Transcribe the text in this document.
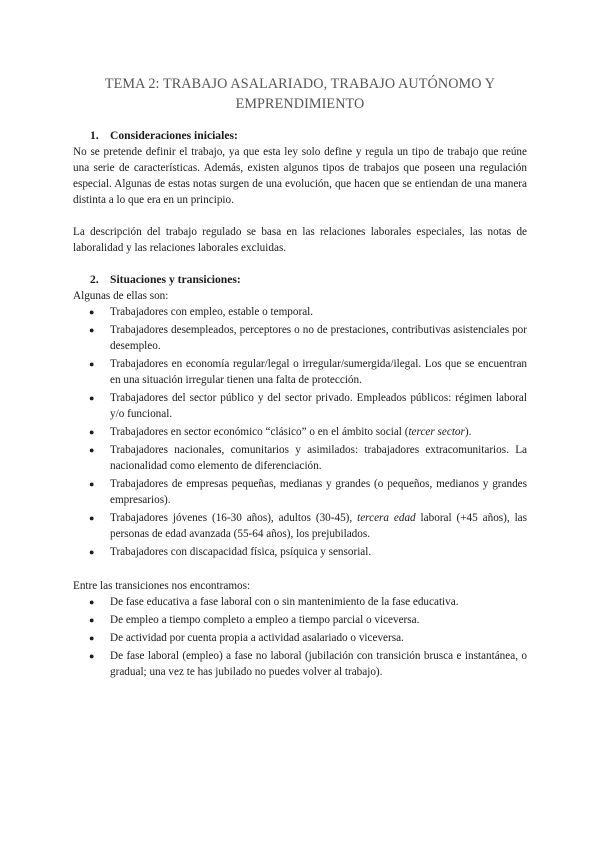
TEMA 2: TRABAJO ASALARIADO, TRABAJO AUTÓNOMO Y EMPRENDIMIENTO
1. Consideraciones iniciales:

No se pretende definir el trabajo, ya que esta ley solo define y regula un tipo de trabajo que reúne una serie de características. Además, existen algunos tipos de trabajos que poseen una regulación especial. Algunas de estas notas surgen de una evolución, que hacen que se entiendan de una manera distinta a lo que era en un principio.

La descripción del trabajo regulado se basa en las relaciones laborales especiales, las notas de laboralidad y las relaciones laborales excluidas.

2. Situaciones y transiciones:

Algunas de ellas son:

● Trabajadores con empleo, estable o temporal.
● Trabajadores desempleados, perceptores o no de prestaciones, contributivas asistenciales por desempleo.
● Trabajadores en economía regular/legal o irregular/sumergida/ilegal. Los que se encuentran en una situación irregular tienen una falta de protección.
● Trabajadores del sector público y del sector privado. Empleados públicos: régimen laboral y/o funcional.
● Trabajadores en sector económico “clásico” o en el ámbito social (tercer sector).
● Trabajadores nacionales, comunitarios y asimilados: trabajadores extracomunitarios. La nacionalidad como elemento de diferenciación.
● Trabajadores de empresas pequeñas, medianas y grandes (o pequeños, medianos y grandes empresarios).
● Trabajadores jóvenes (16-30 años), adultos (30-45), tercera edad laboral (+45 años), las personas de edad avanzada (55-64 años), los prejubilados.
● Trabajadores con discapacidad física, psíquica y sensorial.

Entre las transiciones nos encontramos:

● De fase educativa a fase laboral con o sin mantenimiento de la fase educativa.
● De empleo a tiempo completo a empleo a tiempo parcial o viceversa.
● De actividad por cuenta propia a actividad asalariado o viceversa.
● De fase laboral (empleo) a fase no laboral (jubilación con transición brusca e instantánea, o gradual; una vez te has jubilado no puedes volver al trabajo).
